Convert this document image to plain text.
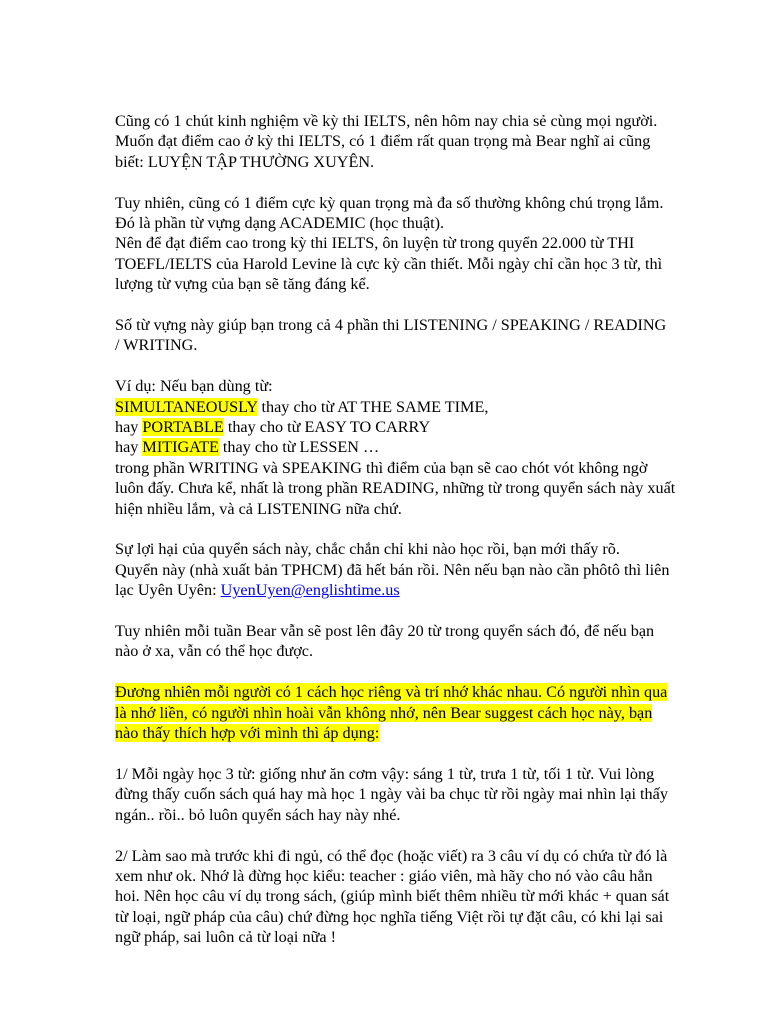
Cũng có 1 chút kinh nghiệm về kỳ thi IELTS, nên hôm nay chia sẻ cùng mọi người.

Muốn đạt điểm cao ở kỳ thi IELTS, có 1 điểm rất quan trọng mà Bear nghĩ ai cũng

biết: LUYỆN TẬP THƯỜNG XUYÊN.

Tuy nhiên, cũng có 1 điểm cực kỳ quan trọng mà đa số thường không chú trọng lắm.

Đó là phần từ vựng dạng ACADEMIC (học thuật).

Nên để đạt điểm cao trong kỳ thi IELTS, ôn luyện từ trong quyển 22.000 từ THI

TOEFL/IELTS của Harold Levine là cực kỳ cần thiết. Mỗi ngày chỉ cần học 3 từ, thì

lượng từ vựng của bạn sẽ tăng đáng kể.

Số từ vựng này giúp bạn trong cả 4 phần thi LISTENING / SPEAKING / READING

/ WRITING.

Ví dụ: Nếu bạn dùng từ:

SIMULTANEOUSLY thay cho từ AT THE SAME TIME,

hay PORTABLE thay cho từ EASY TO CARRY

hay MITIGATE thay cho từ LESSEN …

trong phần WRITING và SPEAKING thì điểm của bạn sẽ cao chót vót không ngờ

luôn đấy. Chưa kể, nhất là trong phần READING, những từ trong quyển sách này xuất

hiện nhiều lắm, và cả LISTENING nữa chứ.

Sự lợi hại của quyển sách này, chắc chắn chỉ khi nào học rồi, bạn mới thấy rõ.

Quyển này (nhà xuất bản TPHCM) đã hết bán rồi. Nên nếu bạn nào cần phôtô thì liên

lạc Uyên Uyên: UyenUyen@englishtime.us

Tuy nhiên mỗi tuần Bear vẫn sẽ post lên đây 20 từ trong quyển sách đó, để nếu bạn

nào ở xa, vẫn có thể học được.

Đương nhiên mỗi người có 1 cách học riêng và trí nhớ khác nhau. Có người nhìn qua

là nhớ liền, có người nhìn hoài vẫn không nhớ, nên Bear suggest cách học này, bạn

nào thấy thích hợp với mình thì áp dụng:

1/ Mỗi ngày học 3 từ: giống như ăn cơm vậy: sáng 1 từ, trưa 1 từ, tối 1 từ. Vui lòng

đừng thấy cuốn sách quá hay mà học 1 ngày vài ba chục từ rồi ngày mai nhìn lại thấy

ngán.. rồi.. bỏ luôn quyển sách hay này nhé.

2/ Làm sao mà trước khi đi ngủ, có thể đọc (hoặc viết) ra 3 câu ví dụ có chứa từ đó là

xem như ok. Nhớ là đừng học kiểu: teacher : giáo viên, mà hãy cho nó vào câu hẳn

hoi. Nên học câu ví dụ trong sách, (giúp mình biết thêm nhiều từ mới khác + quan sát

từ loại, ngữ pháp của câu) chứ đừng học nghĩa tiếng Việt rồi tự đặt câu, có khi lại sai

ngữ pháp, sai luôn cả từ loại nữa !
